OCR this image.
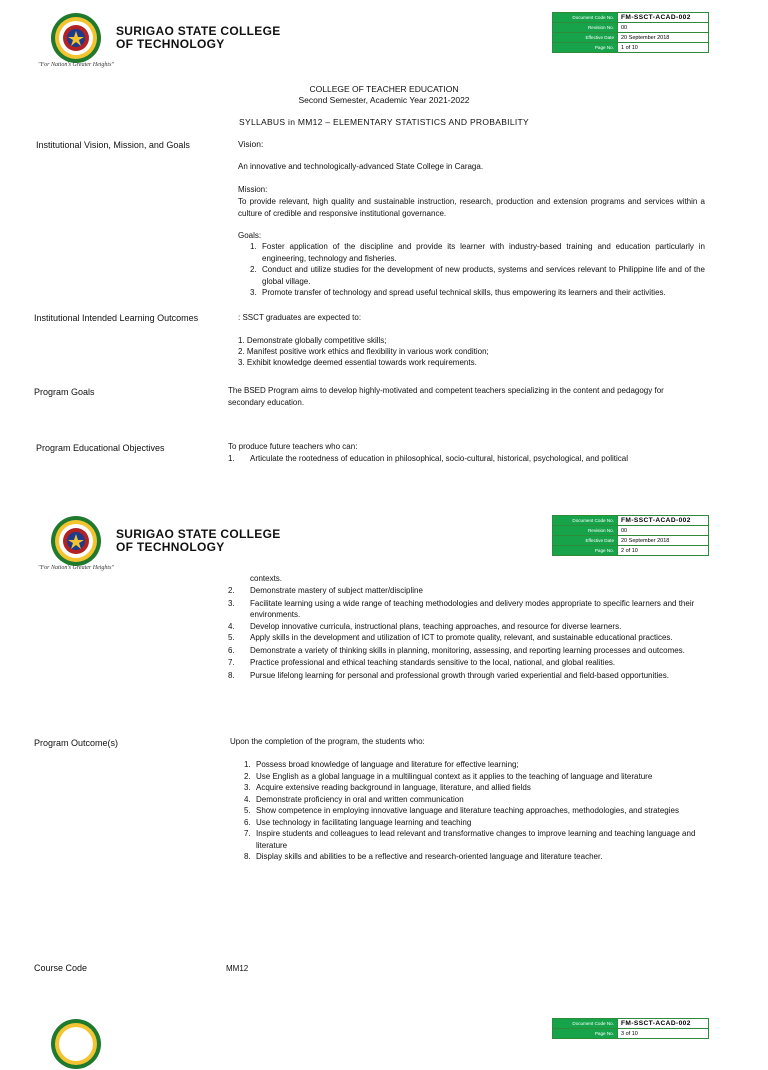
"For Nation's Greater Heights"
SURIGAO STATE COLLEGE
OF TECHNOLOGY
Document Code No.	FM-SSCT-ACAD-002
Revision No.	00
Effective Date	20 September 2018
Page No.	1 of 10
COLLEGE OF TEACHER EDUCATION
Second Semester, Academic Year 2021-2022
SYLLABUS in MM12 – ELEMENTARY STATISTICS AND PROBABILITY
Institutional Vision, Mission, and Goals	Vision:
An innovative and technologically-advanced State College in Caraga.
Mission:
To provide relevant, high quality and sustainable instruction, research, production and extension programs and services within a culture of credible and responsive institutional governance.
Goals:
1. Foster application of the discipline and provide its learner with industry-based training and education particularly in engineering, technology and fisheries.
2. Conduct and utilize studies for the development of new products, systems and services relevant to Philippine life and of the global village.
3. Promote transfer of technology and spread useful technical skills, thus empowering its learners and their activities.
Institutional Intended Learning Outcomes	: SSCT graduates are expected to:
1. Demonstrate globally competitive skills;
2. Manifest positive work ethics and flexibility in various work condition;
3. Exhibit knowledge deemed essential towards work requirements.
Program Goals	The BSED Program aims to develop highly-motivated and competent teachers specializing in the content and pedagogy for secondary education.
Program Educational Objectives	To produce future teachers who can:
1. Articulate the rootedness of education in philosophical, socio-cultural, historical, psychological, and political
"For Nation's Greater Heights"
SURIGAO STATE COLLEGE
OF TECHNOLOGY
Document Code No.	FM-SSCT-ACAD-002
Revision No.	00
Effective Date	20 September 2018
Page No.	2 of 10
contexts.
2. Demonstrate mastery of subject matter/discipline
3. Facilitate learning using a wide range of teaching methodologies and delivery modes appropriate to specific learners and their environments.
4. Develop innovative curricula, instructional plans, teaching approaches, and resource for diverse learners.
5. Apply skills in the development and utilization of ICT to promote quality, relevant, and sustainable educational practices.
6. Demonstrate a variety of thinking skills in planning, monitoring, assessing, and reporting learning processes and outcomes.
7. Practice professional and ethical teaching standards sensitive to the local, national, and global realities.
8. Pursue lifelong learning for personal and professional growth through varied experiential and field-based opportunities.
Program Outcome(s)	Upon the completion of the program, the students who:
1. Possess broad knowledge of language and literature for effective learning;
2. Use English as a global language in a multilingual context as it applies to the teaching of language and literature
3. Acquire extensive reading background in language, literature, and allied fields
4. Demonstrate proficiency in oral and written communication
5. Show competence in employing innovative language and literature teaching approaches, methodologies, and strategies
6. Use technology in facilitating language learning and teaching
7. Inspire students and colleagues to lead relevant and transformative changes to improve learning and teaching language and literature
8. Display skills and abilities to be a reflective and research-oriented language and literature teacher.
Course Code	MM12
Document Code No.	FM-SSCT-ACAD-002
Page No.	3 of 10
